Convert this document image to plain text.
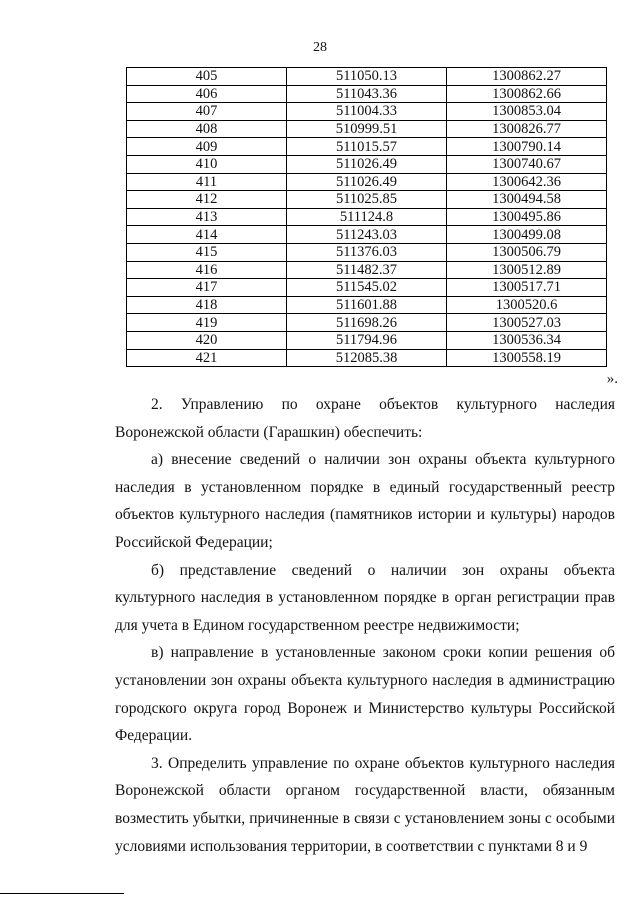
28
405	511050.13	1300862.27
406	511043.36	1300862.66
407	511004.33	1300853.04
408	510999.51	1300826.77
409	511015.57	1300790.14
410	511026.49	1300740.67
411	511026.49	1300642.36
412	511025.85	1300494.58
413	511124.8	1300495.86
414	511243.03	1300499.08
415	511376.03	1300506.79
416	511482.37	1300512.89
417	511545.02	1300517.71
418	511601.88	1300520.6
419	511698.26	1300527.03
420	511794.96	1300536.34
421	512085.38	1300558.19
».

2. Управлению по охране объектов культурного наследия Воронежской области (Гарашкин) обеспечить:

а) внесение сведений о наличии зон охраны объекта культурного наследия в установленном порядке в единый государственный реестр объектов культурного наследия (памятников истории и культуры) народов Российской Федерации;

б) представление сведений о наличии зон охраны объекта культурного наследия в установленном порядке в орган регистрации прав для учета в Едином государственном реестре недвижимости;

в) направление в установленные законом сроки копии решения об установлении зон охраны объекта культурного наследия в администрацию городского округа город Воронеж и Министерство культуры Российской Федерации.

3. Определить управление по охране объектов культурного наследия Воронежской области органом государственной власти, обязанным возместить убытки, причиненные в связи с установлением зоны с особыми условиями использования территории, в соответствии с пунктами 8 и 9
